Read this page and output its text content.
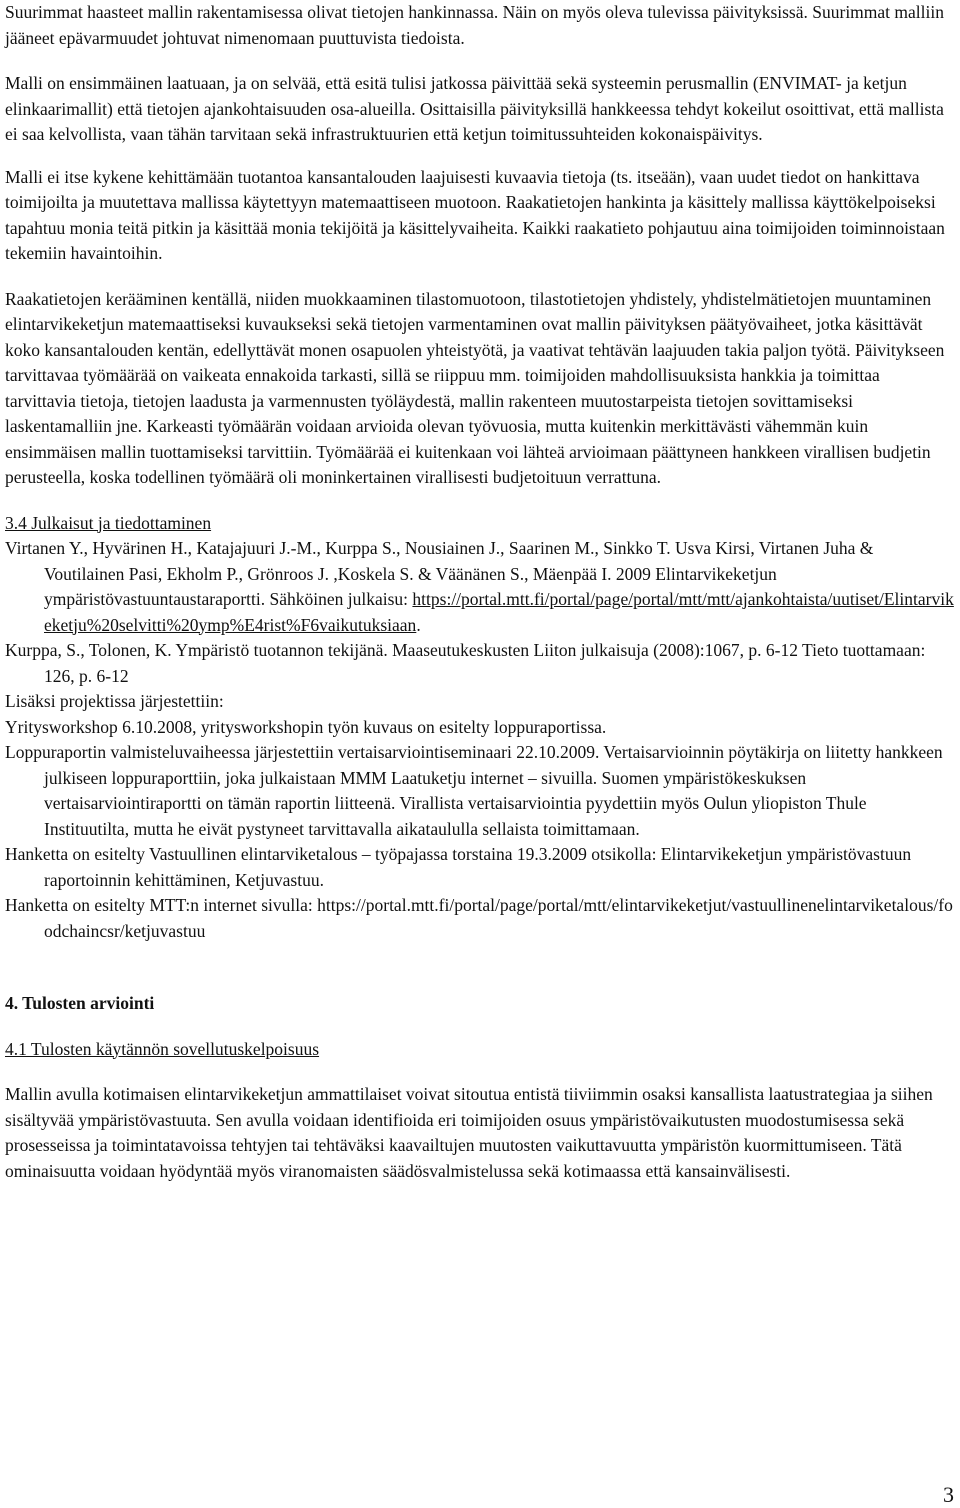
Suurimmat haasteet mallin rakentamisessa olivat tietojen hankinnassa. Näin on myös oleva tulevissa päivityksissä. Suurimmat malliin jääneet epävarmuudet johtuvat nimenomaan puuttuvista tiedoista.

Malli on ensimmäinen laatuaan, ja on selvää, että esitä tulisi jatkossa päivittää sekä systeemin perusmallin (ENVIMAT- ja ketjun elinkaarimallit) että tietojen ajankohtaisuuden osa-alueilla. Osittaisilla päivityksillä hankkeessa tehdyt kokeilut osoittivat, että mallista ei saa kelvollista, vaan tähän tarvitaan sekä infrastruktuurien että ketjun toimitussuhteiden kokonaispäivitys.

Malli ei itse kykene kehittämään tuotantoa kansantalouden laajuisesti kuvaavia tietoja (ts. itseään), vaan uudet tiedot on hankittava toimijoilta ja muutettava mallissa käytettyyn matemaattiseen muotoon. Raakatietojen hankinta ja käsittely mallissa käyttökelpoiseksi tapahtuu monia teitä pitkin ja käsittää monia tekijöitä ja käsittelyvaiheita. Kaikki raakatieto pohjautuu aina toimijoiden toiminnoistaan tekemiin havaintoihin.

Raakatietojen kerääminen kentällä, niiden muokkaaminen tilastomuotoon, tilastotietojen yhdistely, yhdistelmätietojen muuntaminen elintarvikeketjun matemaattiseksi kuvaukseksi sekä tietojen varmentaminen ovat mallin päivityksen päätyövaiheet, jotka käsittävät koko kansantalouden kentän, edellyttävät monen osapuolen yhteistyötä, ja vaativat tehtävän laajuuden takia paljon työtä. Päivitykseen tarvittavaa työmäärää on vaikeata ennakoida tarkasti, sillä se riippuu mm. toimijoiden mahdollisuuksista hankkia ja toimittaa tarvittavia tietoja, tietojen laadusta ja varmennusten työläydestä, mallin rakenteen muutostarpeista tietojen sovittamiseksi laskentamalliin jne. Karkeasti työmäärän voidaan arvioida olevan työvuosia, mutta kuitenkin merkittävästi vähemmän kuin ensimmäisen mallin tuottamiseksi tarvittiin. Työmäärää ei kuitenkaan voi lähteä arvioimaan päättyneen hankkeen virallisen budjetin perusteella, koska todellinen työmäärä oli moninkertainen virallisesti budjetoituun verrattuna.

3.4 Julkaisut ja tiedottaminen

Virtanen Y., Hyvärinen H., Katajajuuri J.-M., Kurppa S., Nousiainen J., Saarinen M., Sinkko T. Usva Kirsi, Virtanen Juha & Voutilainen Pasi, Ekholm P., Grönroos J. ,Koskela S. & Väänänen S., Mäenpää I. 2009 Elintarvikeketjun ympäristövastuuntaustaraportti. Sähköinen julkaisu: https://portal.mtt.fi/portal/page/portal/mtt/mtt/ajankohtaista/uutiset/Elintarvikeketju%20selvitti%20ymp%E4rist%F6vaikutuksiaan.

Kurppa, S., Tolonen, K. Ympäristö tuotannon tekijänä. Maaseutukeskusten Liiton julkaisuja (2008):1067, p. 6-12 Tieto tuottamaan: 126, p. 6-12

Lisäksi projektissa järjestettiin:

Yritysworkshop 6.10.2008, yritysworkshopin työn kuvaus on esitelty loppuraportissa.

Loppuraportin valmisteluvaiheessa järjestettiin vertaisarviointiseminaari 22.10.2009. Vertaisarvioinnin pöytäkirja on liitetty hankkeen julkiseen loppuraporttiin, joka julkaistaan MMM Laatuketju internet – sivuilla. Suomen ympäristökeskuksen vertaisarviointiraportti on tämän raportin liitteenä. Virallista vertaisarviointia pyydettiin myös Oulun yliopiston Thule Instituutilta, mutta he eivät pystyneet tarvittavalla aikataululla sellaista toimittamaan.

Hanketta on esitelty Vastuullinen elintarviketalous – työpajassa torstaina 19.3.2009 otsikolla: Elintarvikeketjun ympäristövastuun raportoinnin kehittäminen, Ketjuvastuu.

Hanketta on esitelty MTT:n internet sivulla: https://portal.mtt.fi/portal/page/portal/mtt/elintarvikeketjut/vastuullinenelintarviketalous/foodchaincsr/ketjuvastuu

4. Tulosten arviointi

4.1 Tulosten käytännön sovellutuskelpoisuus

Mallin avulla kotimaisen elintarvikeketjun ammattilaiset voivat sitoutua entistä tiiviimmin osaksi kansallista laatustrategiaa ja siihen sisältyvää ympäristövastuuta. Sen avulla voidaan identifioida eri toimijoiden osuus ympäristövaikutusten muodostumisessa sekä prosesseissa ja toimintatavoissa tehtyjen tai tehtäväksi kaavailtujen muutosten vaikuttavuutta ympäristön kuormittumiseen. Tätä ominaisuutta voidaan hyödyntää myös viranomaisten säädösvalmistelussa sekä kotimaassa että kansainvälisesti.

3
